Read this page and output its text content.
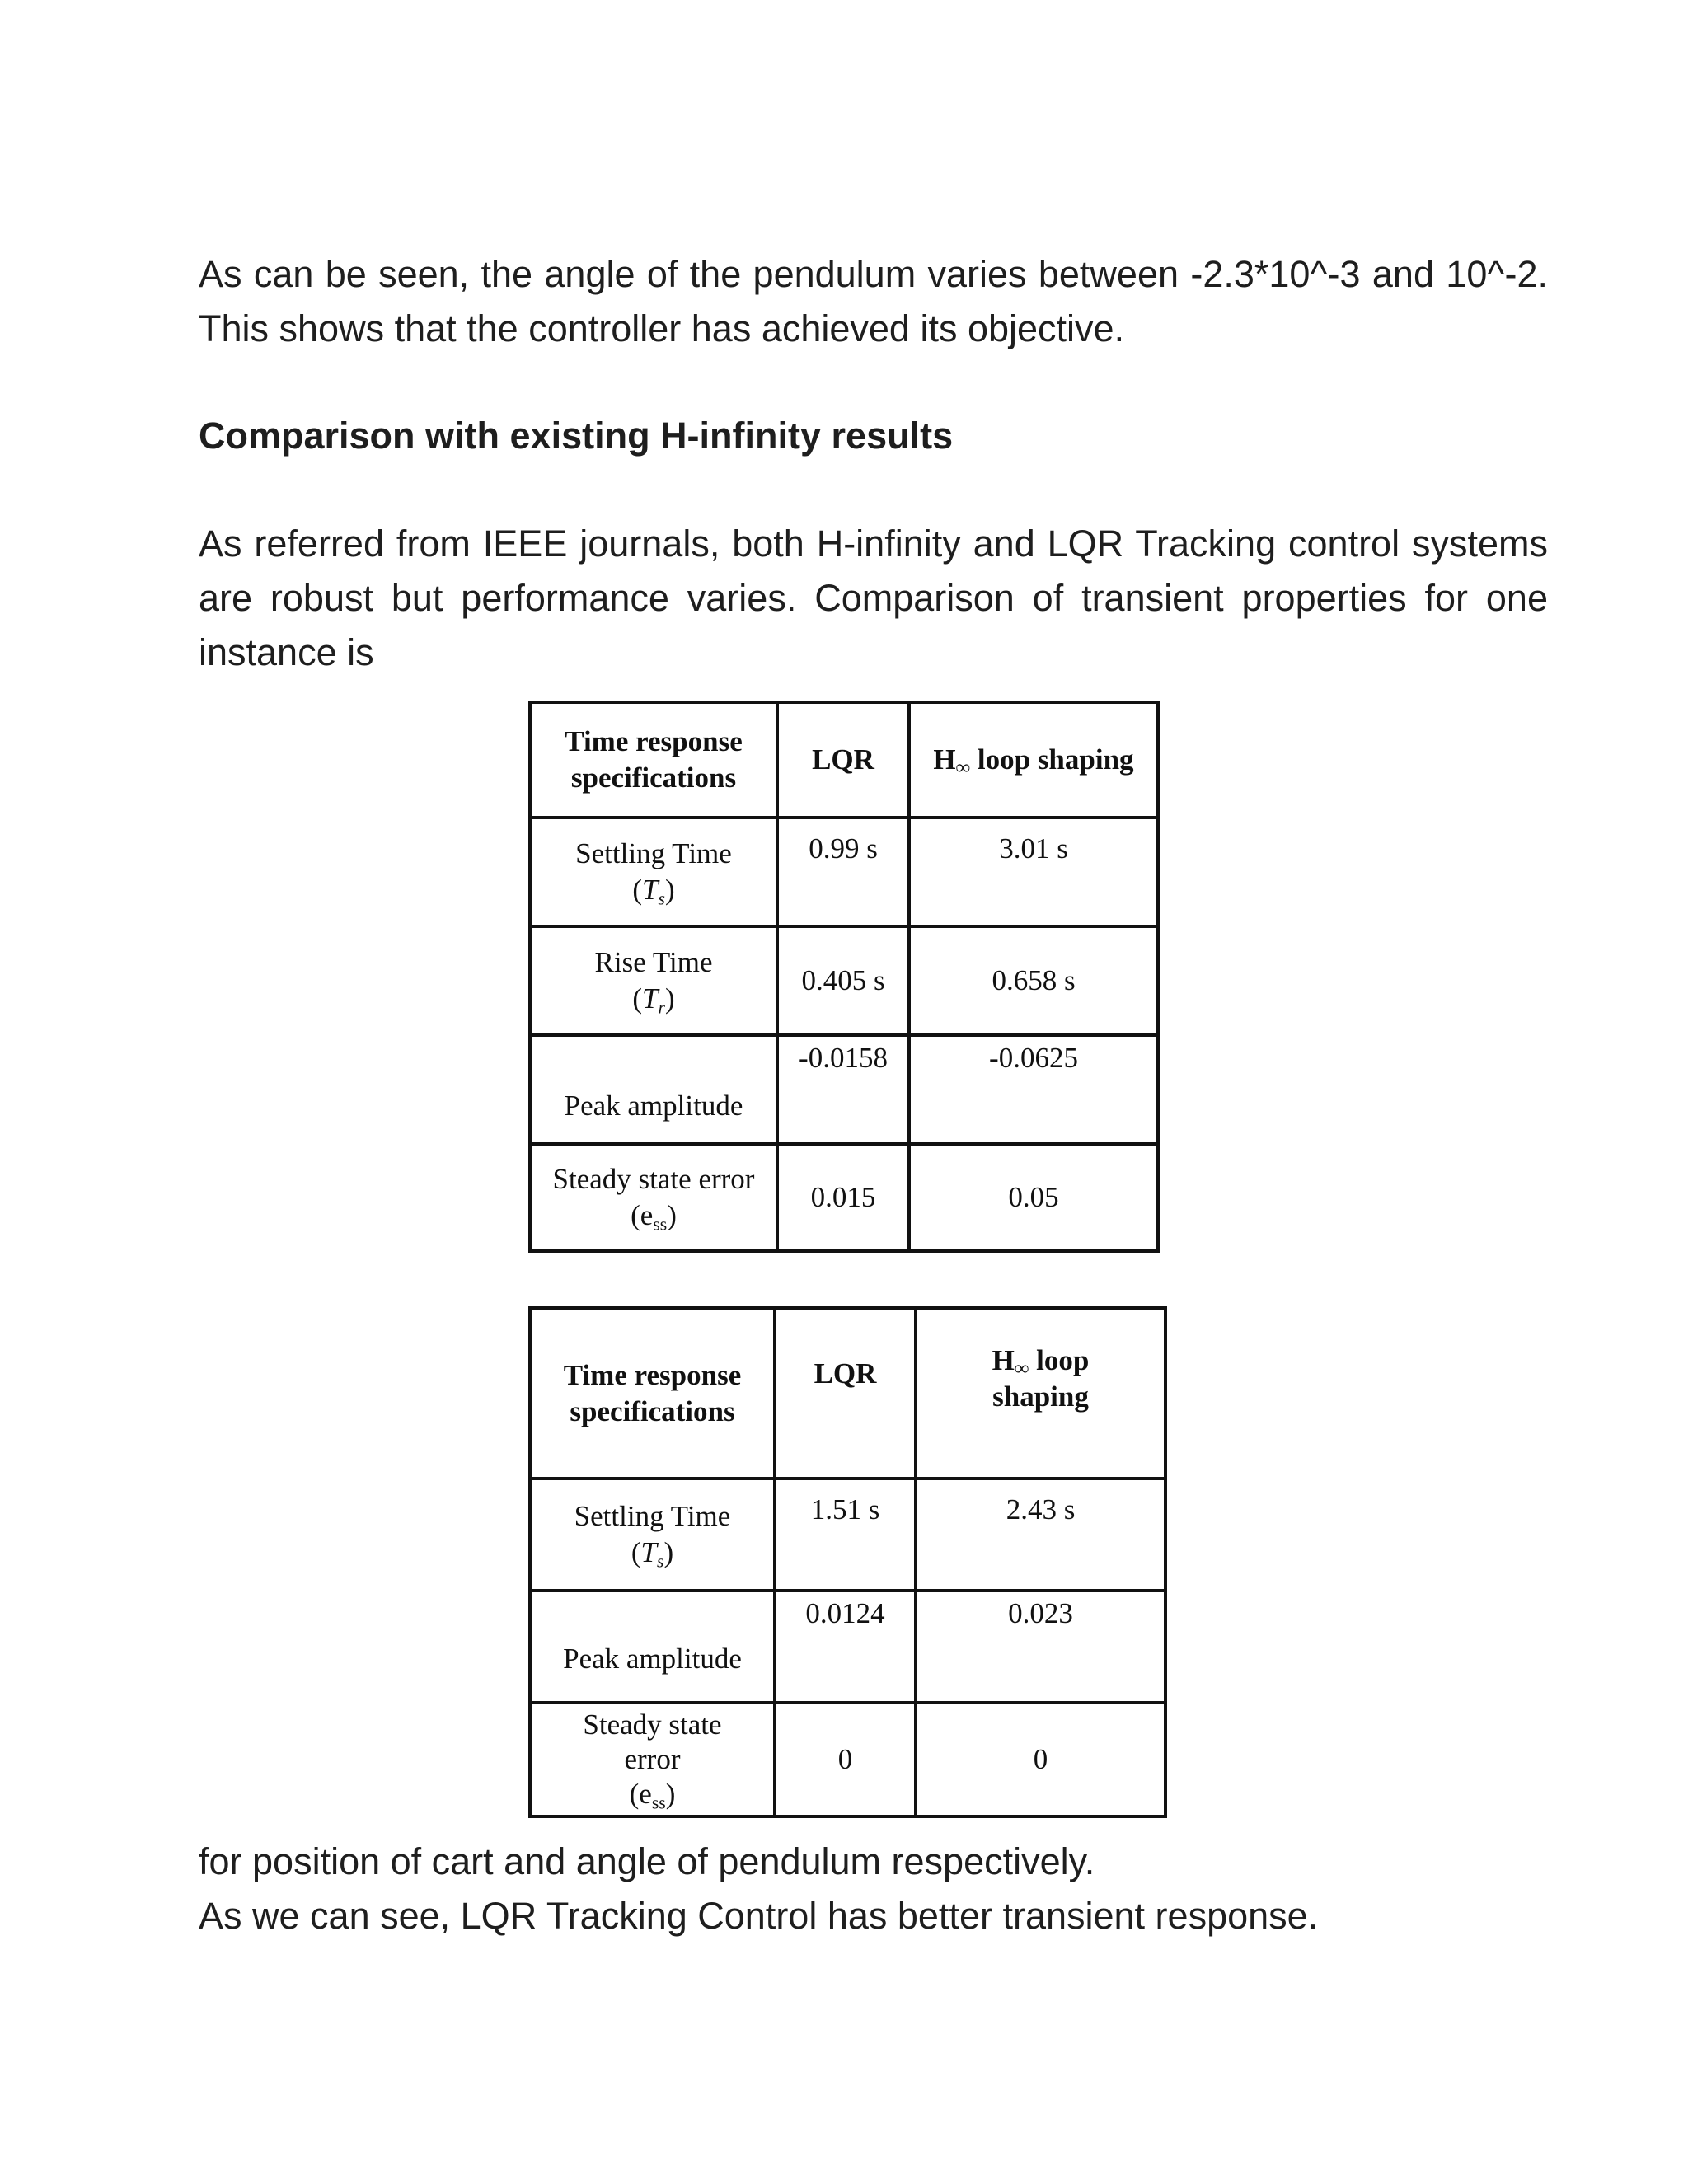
As can be seen, the angle of the pendulum varies between -2.3*10^-3 and 10^-2. This shows that the controller has achieved its objective.

Comparison with existing H-infinity results

As referred from IEEE journals, both H-infinity and LQR Tracking control systems are robust but performance varies. Comparison of transient properties for one instance is

Time response specifications	LQR	H∞ loop shaping
Settling Time
$(T_s)$	0.99 s	3.01 s
Rise Time
$(T_r)$	0.405 s	0.658 s
Peak amplitude	-0.0158	-0.0625
Steady state error
$(e_{ss})$	0.015	0.05
Time response specifications	LQR	H∞ loop shaping
Settling Time
$(T_s)$	1.51 s	2.43 s
Peak amplitude	0.0124	0.023
Steady state error
$(e_{ss})$	0	0

for position of cart and angle of pendulum respectively.

As we can see, LQR Tracking Control has better transient response.
